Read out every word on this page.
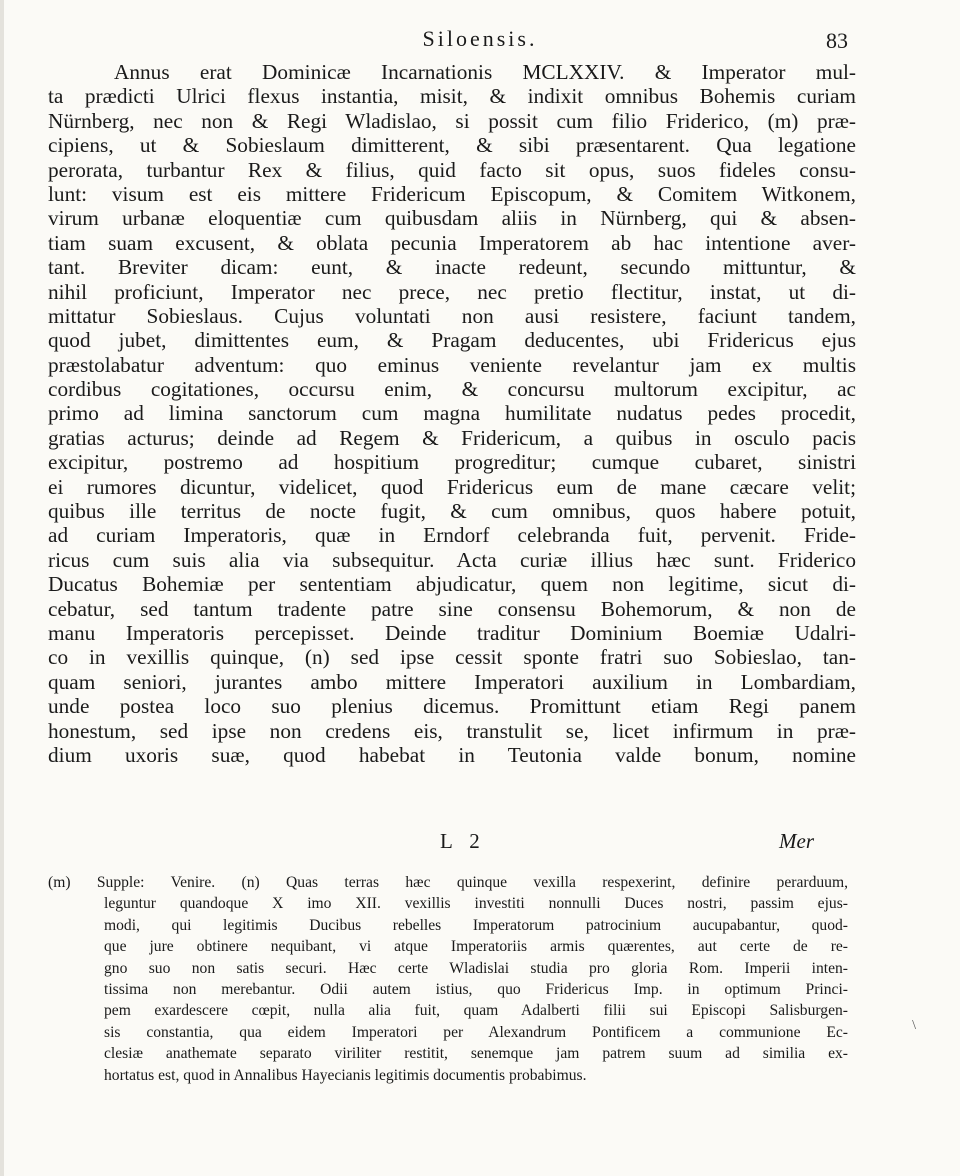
Siloensis.	83
Annus erat Dominicæ Incarnationis MCLXXIV. & Imperator mul-
ta prædicti Ulrici flexus instantia, misit, & indixit omnibus Bohemis curiam
Nürnberg, nec non & Regi Wladislao, si possit cum filio Friderico, (m) præ-
cipiens, ut & Sobieslaum dimitterent, & sibi præsentarent. Qua legatione
perorata, turbantur Rex & filius, quid facto sit opus, suos fideles consu-
lunt: visum est eis mittere Fridericum Episcopum, & Comitem Witkonem,
virum urbanæ eloquentiæ cum quibusdam aliis in Nürnberg, qui & absen-
tiam suam excusent, & oblata pecunia Imperatorem ab hac intentione aver-
tant. Breviter dicam: eunt, & inacte redeunt, secundo mittuntur, &
nihil proficiunt, Imperator nec prece, nec pretio flectitur, instat, ut di-
mittatur Sobieslaus. Cujus voluntati non ausi resistere, faciunt tandem,
quod jubet, dimittentes eum, & Pragam deducentes, ubi Fridericus ejus
præstolabatur adventum: quo eminus veniente revelantur jam ex multis
cordibus cogitationes, occursu enim, & concursu multorum excipitur, ac
primo ad limina sanctorum cum magna humilitate nudatus pedes procedit,
gratias acturus; deinde ad Regem & Fridericum, a quibus in osculo pacis
excipitur, postremo ad hospitium progreditur; cumque cubaret, sinistri
ei rumores dicuntur, videlicet, quod Fridericus eum de mane cæcare velit;
quibus ille territus de nocte fugit, & cum omnibus, quos habere potuit,
ad curiam Imperatoris, quæ in Erndorf celebranda fuit, pervenit. Fride-
ricus cum suis alia via subsequitur. Acta curiæ illius hæc sunt. Friderico
Ducatus Bohemiæ per sententiam abjudicatur, quem non legitime, sicut di-
cebatur, sed tantum tradente patre sine consensu Bohemorum, & non de
manu Imperatoris percepisset. Deinde traditur Dominium Boemiæ Udalri-
co in vexillis quinque, (n) sed ipse cessit sponte fratri suo Sobieslao, tan-
quam seniori, jurantes ambo mittere Imperatori auxilium in Lombardiam,
unde postea loco suo plenius dicemus. Promittunt etiam Regi panem
honestum, sed ipse non credens eis, transtulit se, licet infirmum in præ-
dium uxoris suæ, quod habebat in Teutonia valde bonum, nomine
L 2	Mer
(m) Supple: Venire. (n) Quas terras hæc quinque vexilla respexerint, definire perarduum,
leguntur quandoque X imo XII. vexillis investiti nonnulli Duces nostri, passim ejus-
modi, qui legitimis Ducibus rebelles Imperatorum patrocinium aucupabantur, quod-
que jure obtinere nequibant, vi atque Imperatoriis armis quærentes, aut certe de re-
gno suo non satis securi. Hæc certe Wladislai studia pro gloria Rom. Imperii inten-
tissima non merebantur. Odii autem istius, quo Fridericus Imp. in optimum Princi-
pem exardescere cœpit, nulla alia fuit, quam Adalberti filii sui Episcopi Salisburgen-
sis constantia, qua eidem Imperatori per Alexandrum Pontificem a communione Ec-
clesiæ anathemate separato viriliter restitit, senemque jam patrem suum ad similia ex-
hortatus est, quod in Annalibus Hayecianis legitimis documentis probabimus.
\
